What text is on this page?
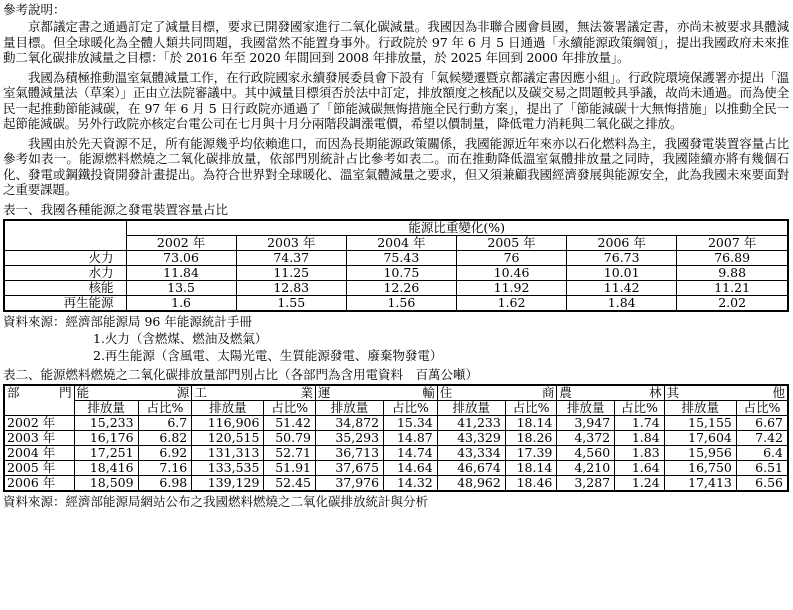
參考說明：

京都議定書之通過訂定了減量目標，要求已開發國家進行二氧化碳減量。我國因為非聯合國會員國，無法簽署議定書，亦尚未被要求具體減量目標。但全球暖化為全體人類共同問題，我國當然不能置身事外。行政院於 97 年 6 月 5 日通過「永續能源政策綱領」，提出我國政府未來推動二氧化碳排放減量之目標：「於 2016 年至 2020 年間回到 2008 年排放量，於 2025 年回到 2000 年排放量」。

我國為積極推動溫室氣體減量工作，在行政院國家永續發展委員會下設有「氣候變遷暨京都議定書因應小組」。行政院環境保護署亦提出「溫室氣體減量法（草案）」正由立法院審議中。其中減量目標須否於法中訂定，排放額度之核配以及碳交易之問題較具爭議，故尚未通過。而為使全民一起推動節能減碳，在 97 年 6 月 5 日行政院亦通過了「節能減碳無悔措施全民行動方案」，提出了「節能減碳十大無悔措施」以推動全民一起節能減碳。另外行政院亦核定台電公司在七月與十月分兩階段調漲電價，希望以價制量，降低電力消耗與二氧化碳之排放。

我國由於先天資源不足，所有能源幾乎均依賴進口，而因為長期能源政策關係，我國能源近年來亦以石化燃料為主，我國發電裝置容量占比參考如表一。能源燃料燃燒之二氧化碳排放量，依部門別統計占比參考如表二。而在推動降低溫室氣體排放量之同時，我國陸續亦將有幾個石化、發電或鋼鐵投資開發計畫提出。為符合世界對全球暖化、溫室氣體減量之要求，但又須兼顧我國經濟發展與能源安全，此為我國未來要面對之重要課題。

表一、我國各種能源之發電裝置容量占比
	能源比重變化(%)					
	2002 年	2003 年	2004 年	2005 年	2006 年	2007 年
火力	73.06	74.37	75.43	76	76.73	76.89
水力	11.84	11.25	10.75	10.46	10.01	9.88
核能	13.5	12.83	12.26	11.92	11.42	11.21
再生能源	1.6	1.55	1.56	1.62	1.84	2.02
資料來源：經濟部能源局 96 年能源統計手冊
1.火力（含燃煤、燃油及燃氣）
2.再生能源（含風電、太陽光電、生質能源發電、廢棄物發電）
表二、能源燃料燃燒之二氧化碳排放量部門別占比（各部門為含用電資料　百萬公噸）
部 門	能 源		工 業		運 輸		住 商		農 林		其 他	

	排放量	占比%	排放量	占比%	排放量	占比%	排放量	占比%	排放量	占比%	排放量	占比%
2002 年	15,233	6.7	116,906	51.42	34,872	15.34	41,233	18.14	3,947	1.74	15,155	6.67
2003 年	16,176	6.82	120,515	50.79	35,293	14.87	43,329	18.26	4,372	1.84	17,604	7.42
2004 年	17,251	6.92	131,313	52.71	36,713	14.74	43,334	17.39	4,560	1.83	15,956	6.4
2005 年	18,416	7.16	133,535	51.91	37,675	14.64	46,674	18.14	4,210	1.64	16,750	6.51
2006 年	18,509	6.98	139,129	52.45	37,976	14.32	48,962	18.46	3,287	1.24	17,413	6.56
資料來源：經濟部能源局網站公布之我國燃料燃燒之二氧化碳排放統計與分析
